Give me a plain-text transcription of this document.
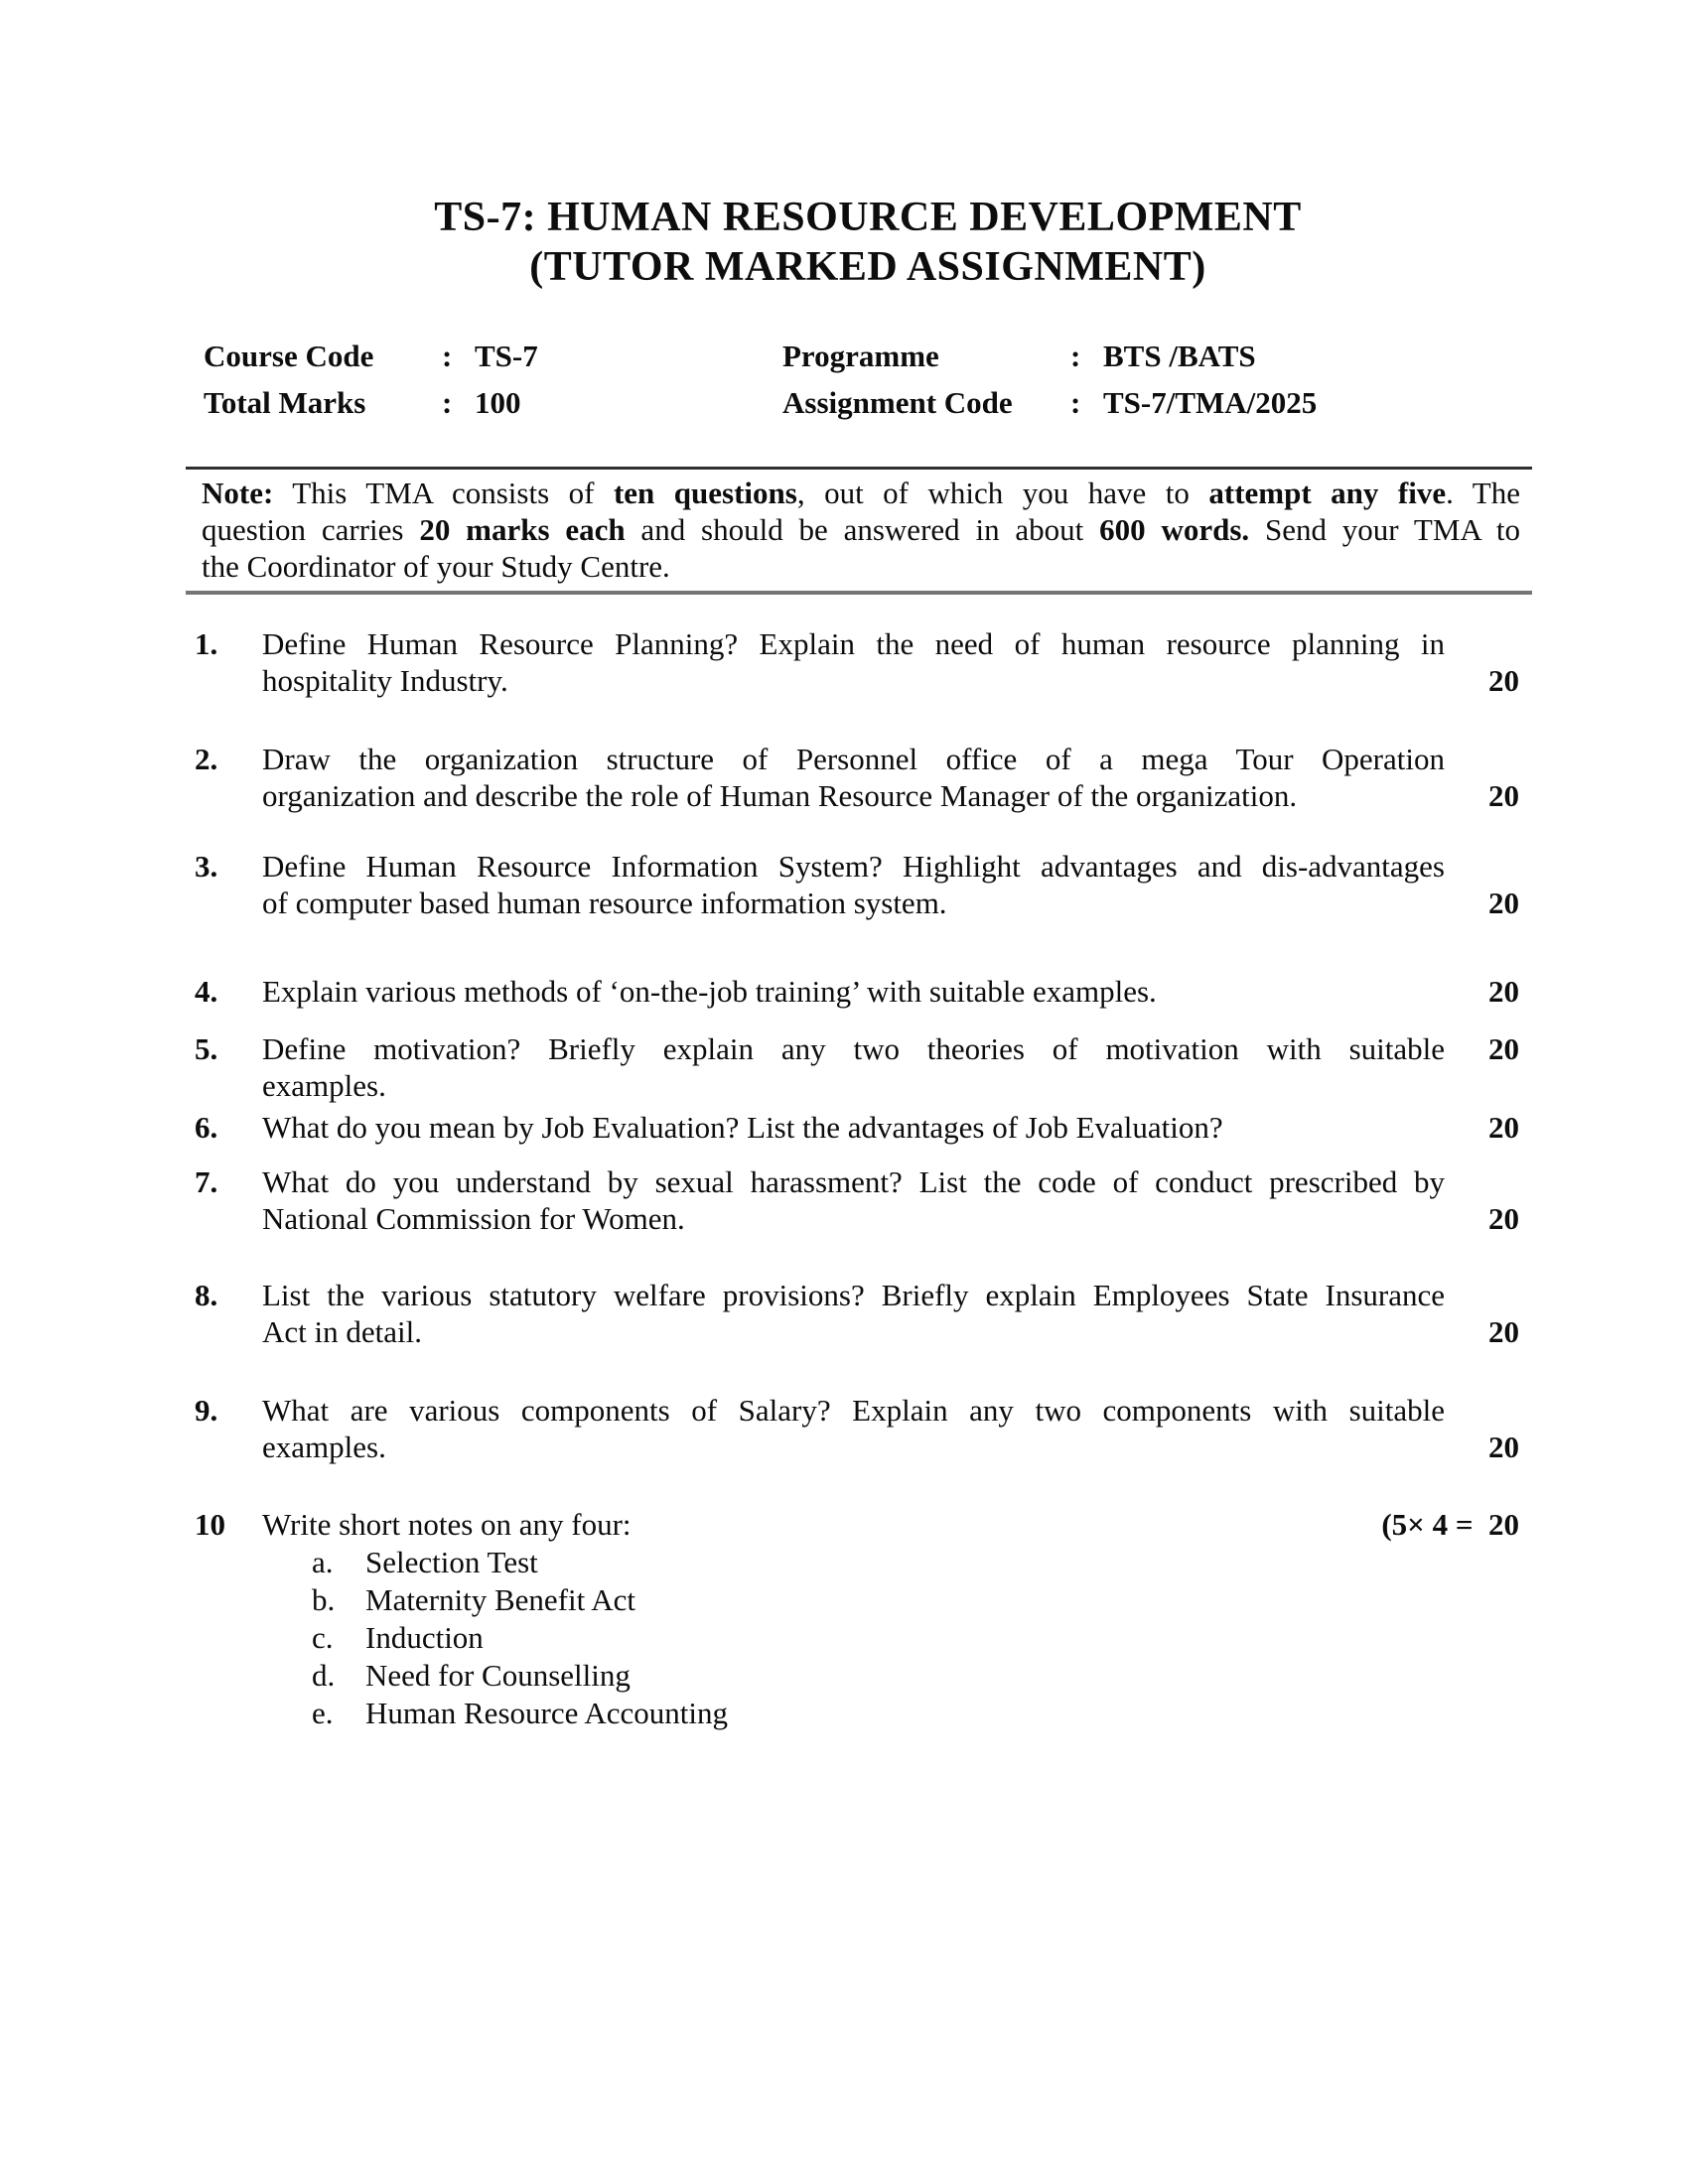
TS-7: HUMAN RESOURCE DEVELOPMENT
(TUTOR MARKED ASSIGNMENT)
Course Code	: TS-7	Programme	: BTS /BATS
Total Marks	: 100	Assignment Code	: TS-7/TMA/2025
Note: This TMA consists of ten questions, out of which you have to attempt any five. The
question carries 20 marks each and should be answered in about 600 words. Send your TMA to
the Coordinator of your Study Centre.
1.	Define Human Resource Planning? Explain the need of human resource planning in
hospitality Industry.	20
2.	Draw the organization structure of Personnel office of a mega Tour Operation
organization and describe the role of Human Resource Manager of the organization.	20
3.	Define Human Resource Information System? Highlight advantages and dis-advantages
of computer based human resource information system.	20
4.	Explain various methods of ‘on-the-job training’ with suitable examples.	20
5.	Define motivation? Briefly explain any two theories of motivation with suitable
examples.
20
6.	What do you mean by Job Evaluation? List the advantages of Job Evaluation?	20
7.	What do you understand by sexual harassment? List the code of conduct prescribed by
National Commission for Women.	20
8.	List the various statutory welfare provisions? Briefly explain Employees State Insurance
Act in detail.	20
9.	What are various components of Salary? Explain any two components with suitable
examples.	20
10	Write short notes on any four:	(5× 4 =  20
a.	Selection Test
b. Maternity Benefit Act
c.	Induction
d. Need for Counselling
e.	Human Resource Accounting
